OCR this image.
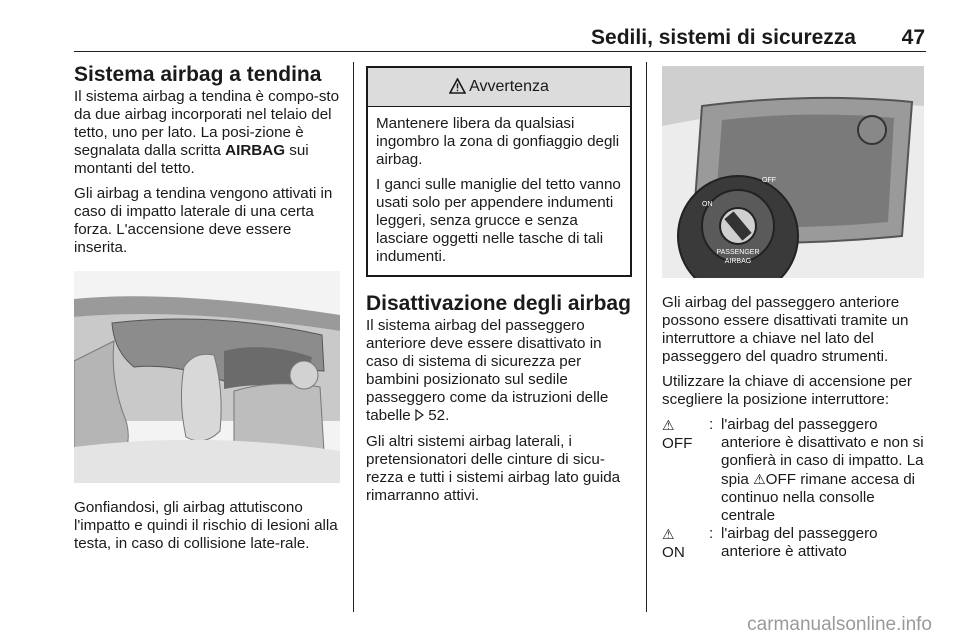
Sedili, sistemi di sicurezza 47
Sistema airbag a tendina

Il sistema airbag a tendina è compo-sto da due airbag incorporati nel telaio del tetto, uno per lato. La posi-zione è segnalata dalla scritta AIRBAG sui montanti del tetto.

Gli airbag a tendina vengono attivati in caso di impatto laterale di una certa forza. L'accensione deve essere inserita.

Gonfiandosi, gli airbag attutiscono l'impatto e quindi il rischio di lesioni alla testa, in caso di collisione late-rale.

Avvertenza

Mantenere libera da qualsiasi ingombro la zona di gonfiaggio degli airbag.

I ganci sulle maniglie del tetto vanno usati solo per appendere indumenti leggeri, senza grucce e senza lasciare oggetti nelle tasche di tali indumenti.

Disattivazione degli airbag

Il sistema airbag del passeggero anteriore deve essere disattivato in caso di sistema di sicurezza per bambini posizionato sul sedile passeggero come da istruzioni delle tabelle  52.

Gli altri sistemi airbag laterali, i pretensionatori delle cinture di sicu-rezza e tutti i sistemi airbag lato guida rimarranno attivi.

ON
OFF
PASSENGER
AIRBAG

Gli airbag del passeggero anteriore possono essere disattivati tramite un interruttore a chiave nel lato del passeggero del quadro strumenti.

Utilizzare la chiave di accensione per scegliere la posizione interruttore:

⚠
OFF
: l'airbag del passeggero anteriore è disattivato e non si gonfierà in caso di impatto. La spia ⚠OFF rimane accesa di continuo nella consolle centrale
⚠
ON
: l'airbag del passeggero anteriore è attivato
carmanualsonline.info
